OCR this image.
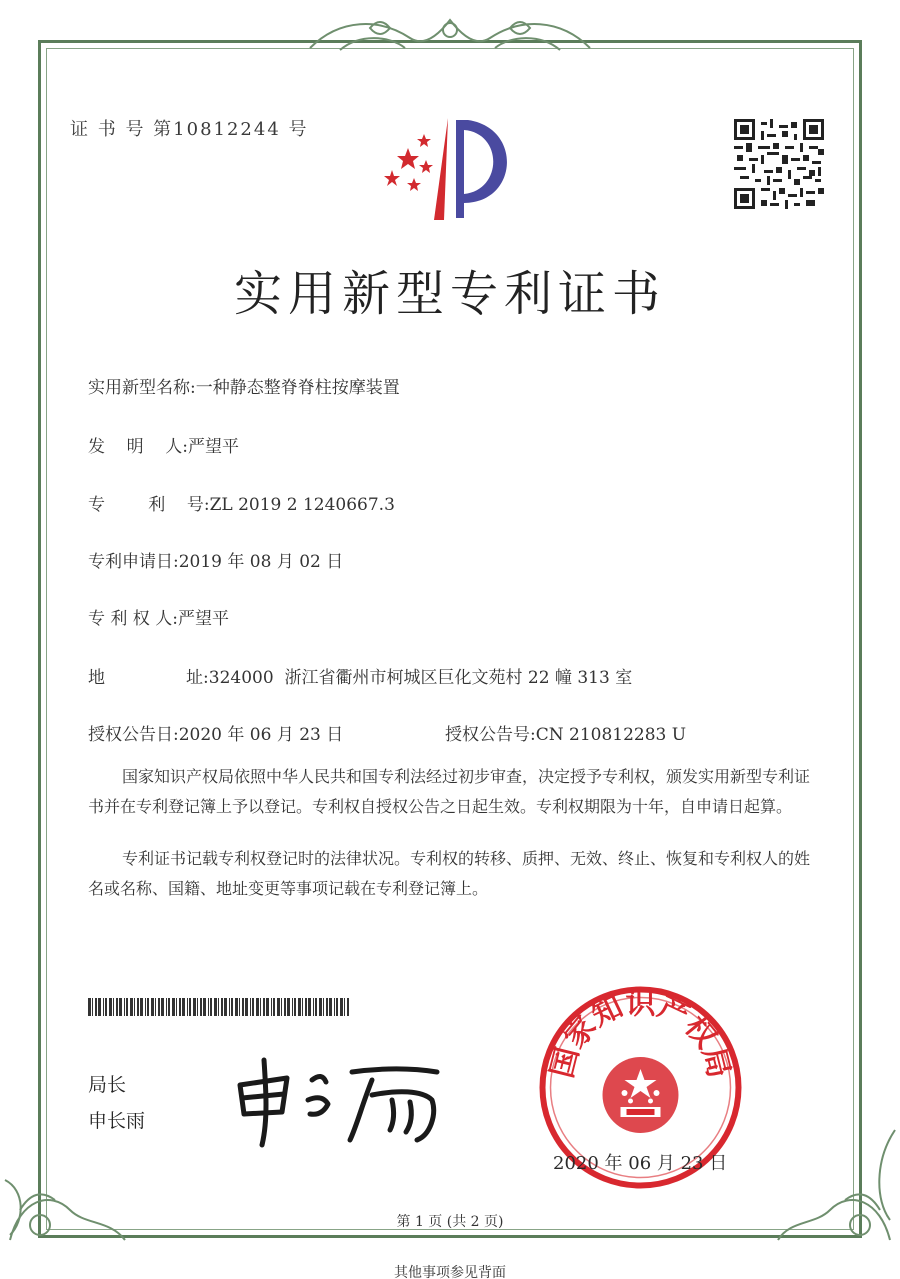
证 书 号 第10812244 号
实用新型专利证书
实用新型名称:一种静态整脊脊柱按摩装置
发    明    人:严望平
专        利    号:ZL 2019 2 1240667.3
专利申请日:2019 年 08 月 02 日
专 利 权 人:严望平
地               址:324000  浙江省衢州市柯城区巨化文苑村 22 幢 313 室
授权公告日:2020 年 06 月 23 日	授权公告号:CN 210812283 U
国家知识产权局依照中华人民共和国专利法经过初步审查，决定授予专利权，颁发实用新型专利证书并在专利登记簿上予以登记。专利权自授权公告之日起生效。专利权期限为十年，自申请日起算。
专利证书记载专利权登记时的法律状况。专利权的转移、质押、无效、终止、恢复和专利权人的姓名或名称、国籍、地址变更等事项记载在专利登记簿上。
局长
申长雨
国家知识产权局
2020 年 06 月 23 日
第 1 页 (共 2 页)
其他事项参见背面
